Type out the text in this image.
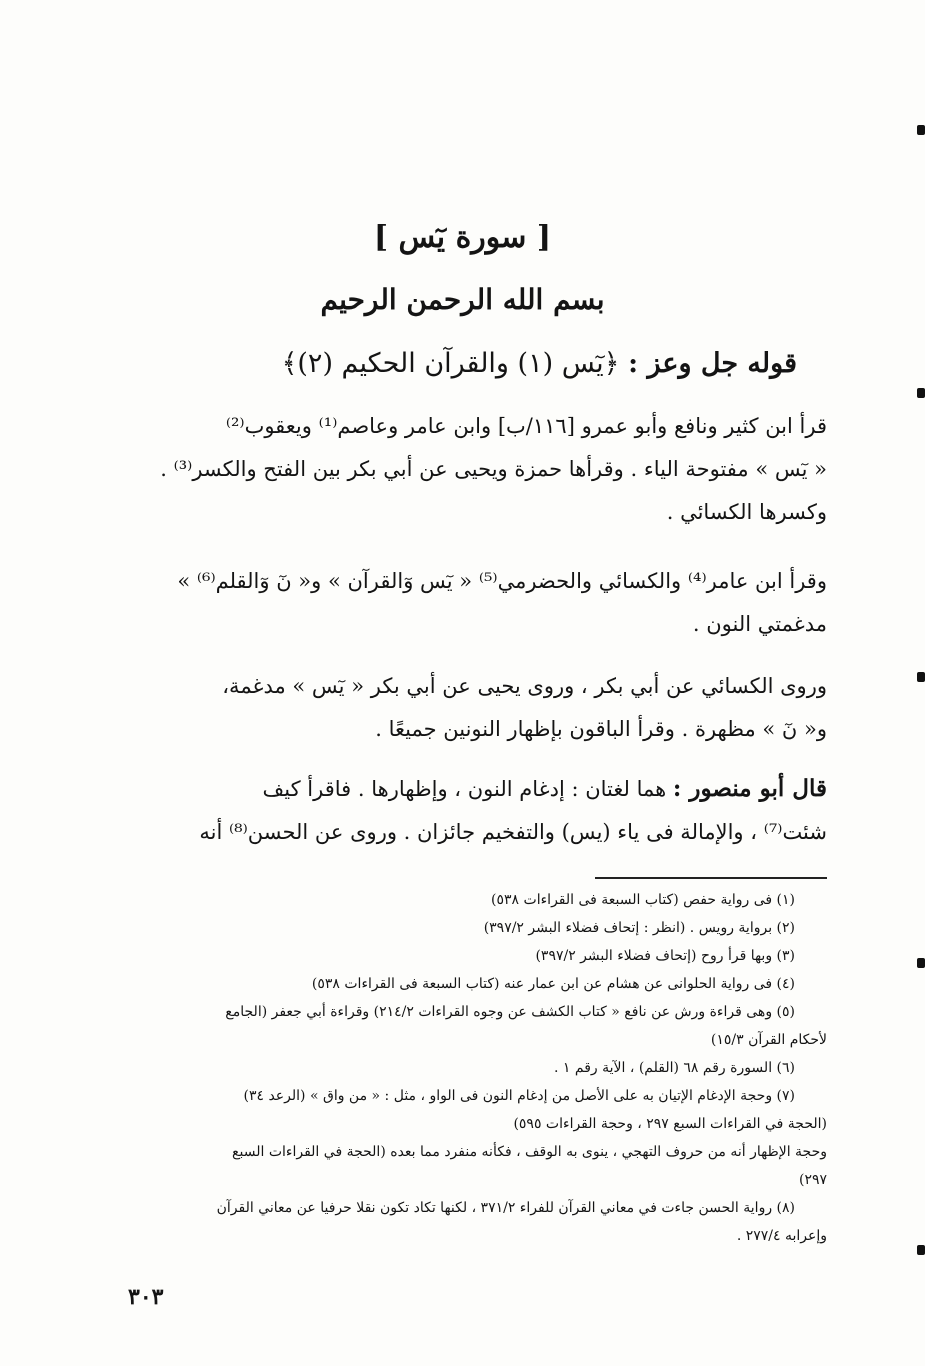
[ سورة يٓس ]
بسم الله الرحمن الرحيم
قوله جل وعز : ﴿يٓس (١) والقرآن الحكيم (٢)﴾
قرأ ابن كثير ونافع وأبو عمرو [١١٦/ب] وابن عامر وعاصم⁽¹⁾ ويعقوب⁽²⁾
« يٓس » مفتوحة الياء . وقرأها حمزة ويحيى عن أبي بكر بين الفتح والكسر⁽³⁾ .
وكسرها الكسائي .
وقرأ ابن عامر⁽⁴⁾ والكسائي والحضرمي⁽⁵⁾ « يٓس وٓالقرآن » و« نٓ وٓالقلم⁽⁶⁾ »
مدغمتي النون .
وروى الكسائي عن أبي بكر ، وروى يحيى عن أبي بكر « يٓس » مدغمة،
و« نٓ » مظهرة . وقرأ الباقون بإظهار النونين جميعًا .
قال أبو منصور : هما لغتان : إدغام النون ، وإظهارها . فاقرأ كيف
شئت⁽⁷⁾ ، والإمالة فى ياء (يس) والتفخيم جائزان . وروى عن الحسن⁽⁸⁾ أنه
(١) فى رواية حفص (كتاب السبعة فى القراءات ٥٣٨)
(٢) برواية رويس . (انظر : إتحاف فضلاء البشر ٣٩٧/٢)
(٣) وبها قرأ روح (إتحاف فضلاء البشر ٣٩٧/٢)
(٤) فى رواية الحلوانى عن هشام عن ابن عمار عنه (كتاب السبعة فى القراءات ٥٣٨)
(٥) وهى قراءة ورش عن نافع « كتاب الكشف عن وجوه القراءات ٢١٤/٢) وقراءة أبي جعفر (الجامع
لأحكام القرآن ١٥/٣)
(٦) السورة رقم ٦٨ (القلم) ، الآية رقم ١ .
(٧) وحجة الإدغام الإتيان به على الأصل من إدغام النون فى الواو ، مثل : « من واق » (الرعد ٣٤)
(الحجة في القراءات السبع ٢٩٧ ، وحجة القراءات ٥٩٥)
وحجة الإظهار أنه من حروف التهجي ، ينوى به الوقف ، فكأنه منفرد مما بعده (الحجة في القراءات السبع
٢٩٧)
(٨) رواية الحسن جاءت في معاني القرآن للفراء ٣٧١/٢ ، لكنها تكاد تكون نقلا حرفيا عن معاني القرآن
وإعرابه ٢٧٧/٤ .
٣٠٣
